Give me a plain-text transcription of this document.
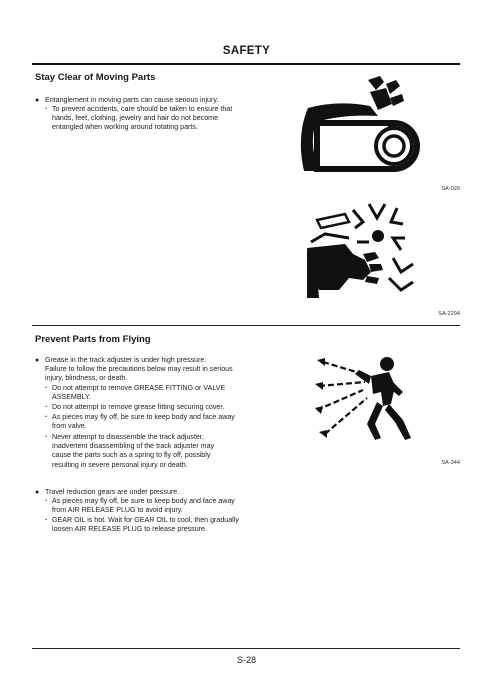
SAFETY
Stay Clear of Moving Parts
● Entanglement in moving parts can cause serious injury.
· To prevent accidents, care should be taken to ensure that
hands, feet, clothing, jewelry and hair do not become
entangled when working around rotating parts.
SA-026
SA-2294
Prevent Parts from Flying
● Grease in the track adjuster is under high pressure.
Failure to follow the precautions below may result in serious
injury, blindness, or death.
· Do not attempt to remove GREASE FITTING or VALVE
ASSEMBLY.
· Do not attempt to remove grease fitting securing cover.
· As pieces may fly off, be sure to keep body and face away
from valve.
· Never attempt to disassemble the track adjuster.
Inadvertent disassembling of the track adjuster may
cause the parts such as a spring to fly off, possibly
resulting in severe personal injury or death.
● Travel reduction gears are under pressure.
· As pieces may fly off, be sure to keep body and face away
from AIR RELEASE PLUG to avoid injury.
· GEAR OIL is hot. Wait for GEAR OIL to cool, then gradually
loosen AIR RELEASE PLUG to release pressure.
SA-344
S-28
